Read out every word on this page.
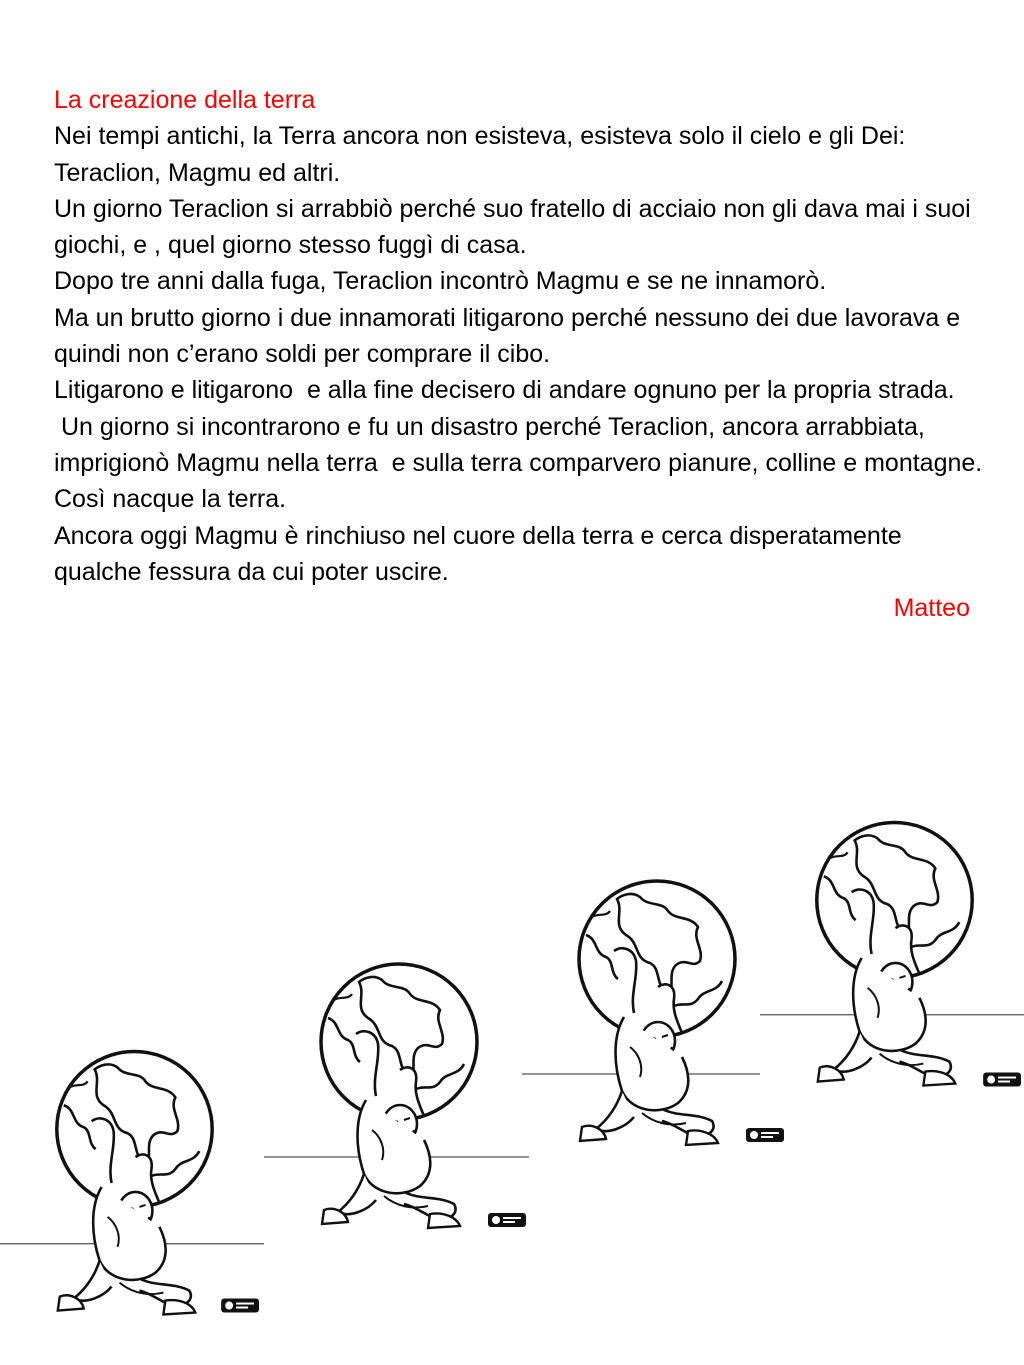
La creazione della terra

Nei tempi antichi, la Terra ancora non esisteva, esisteva solo il cielo e gli Dei: Teraclion, Magmu ed altri.

Un giorno Teraclion si arrabbiò perché suo fratello di acciaio non gli dava mai i suoi giochi, e , quel giorno stesso fuggì di casa.

Dopo tre anni dalla fuga, Teraclion incontrò Magmu e se ne innamorò.

Ma un brutto giorno i due innamorati litigarono perché nessuno dei due lavorava e quindi non c’erano soldi per comprare il cibo.

Litigarono e litigarono  e alla fine decisero di andare ognuno per la propria strada.

Un giorno si incontrarono e fu un disastro perché Teraclion, ancora arrabbiata, imprigionò Magmu nella terra  e sulla terra comparvero pianure, colline e montagne. Così nacque la terra.

Ancora oggi Magmu è rinchiuso nel cuore della terra e cerca disperatamente qualche fessura da cui poter uscire.

Matteo
